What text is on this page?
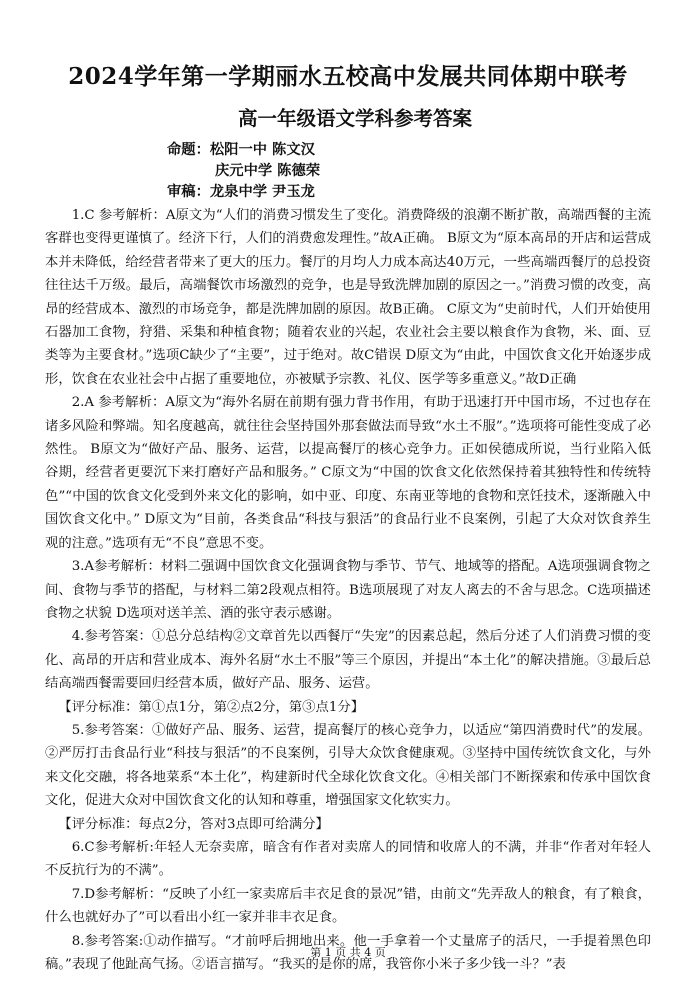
2024学年第一学期丽水五校高中发展共同体期中联考
高一年级语文学科参考答案
命题：松阳一中 陈文汉
庆元中学 陈德荣
审稿：龙泉中学 尹玉龙

1.C 参考解析：A原文为“人们的消费习惯发生了变化。消费降级的浪潮不断扩散，高端西餐的主流客群也变得更谨慎了。经济下行，人们的消费愈发理性。”故A正确。 B原文为“原本高昂的开店和运营成本并未降低，给经营者带来了更大的压力。餐厅的月均人力成本高达40万元，一些高端西餐厅的总投资往往达千万级。最后，高端餐饮市场激烈的竞争，也是导致洗牌加剧的原因之一。”消费习惯的改变，高昂的经营成本、激烈的市场竞争，都是洗牌加剧的原因。故B正确。 C原文为“史前时代，人们开始使用石器加工食物，狩猎、采集和种植食物；随着农业的兴起，农业社会主要以粮食作为食物，米、面、豆类等为主要食材。”选项C缺少了“主要”，过于绝对。故C错误 D原文为“由此，中国饮食文化开始逐步成形，饮食在农业社会中占据了重要地位，亦被赋予宗教、礼仪、医学等多重意义。”故D正确

2.A 参考解析：A原文为“海外名厨在前期有强力背书作用，有助于迅速打开中国市场，不过也存在诸多风险和弊端。知名度越高，就往往会坚持国外那套做法而导致“水土不服”。”选项将可能性变成了必然性。 B原文为“做好产品、服务、运营，以提高餐厅的核心竞争力。正如侯德成所说，当行业陷入低谷期，经营者更要沉下来打磨好产品和服务。” C原文为“中国的饮食文化依然保持着其独特性和传统特色”“中国的饮食文化受到外来文化的影响，如中亚、印度、东南亚等地的食物和烹饪技术，逐渐融入中国饮食文化中。” D原文为“目前，各类食品“科技与狠活”的食品行业不良案例，引起了大众对饮食养生观的注意。”选项有无“不良”意思不变。

3.A参考解析：材料二强调中国饮食文化强调食物与季节、节气、地域等的搭配。A选项强调食物之间、食物与季节的搭配，与材料二第2段观点相符。B选项展现了对友人离去的不舍与思念。C选项描述食物之状貌 D选项对送羊羔、酒的张守表示感谢。

4.参考答案：①总分总结构②文章首先以西餐厅“失宠”的因素总起，然后分述了人们消费习惯的变化、高昂的开店和营业成本、海外名厨“水土不服”等三个原因，并提出“本土化”的解决措施。③最后总结高端西餐需要回归经营本质，做好产品、服务、运营。

【评分标准：第①点1分，第②点2分，第③点1分】

5.参考答案：①做好产品、服务、运营，提高餐厅的核心竞争力，以适应“第四消费时代”的发展。②严厉打击食品行业“科技与狠活”的不良案例，引导大众饮食健康观。③坚持中国传统饮食文化，与外来文化交融，将各地菜系“本土化”，构建新时代全球化饮食文化。④相关部门不断探索和传承中国饮食文化，促进大众对中国饮食文化的认知和尊重，增强国家文化软实力。

【评分标准：每点2分，答对3点即可给满分】

6.C参考解析:年轻人无奈卖席，暗含有作者对卖席人的同情和收席人的不满，并非“作者对年轻人不反抗行为的不满”。

7.D参考解析：“反映了小红一家卖席后丰衣足食的景况”错，由前文“先弄敌人的粮食，有了粮食，什么也就好办了”可以看出小红一家并非丰衣足食。

8.参考答案:①动作描写。“才前呼后拥地出来。他一手拿着一个丈量席子的活尺，一手提着黑色印稿。”表现了他趾高气扬。②语言描写。“我买的是你的席，我管你小米子多少钱一斗？”表

第 1 页 共 4 页
